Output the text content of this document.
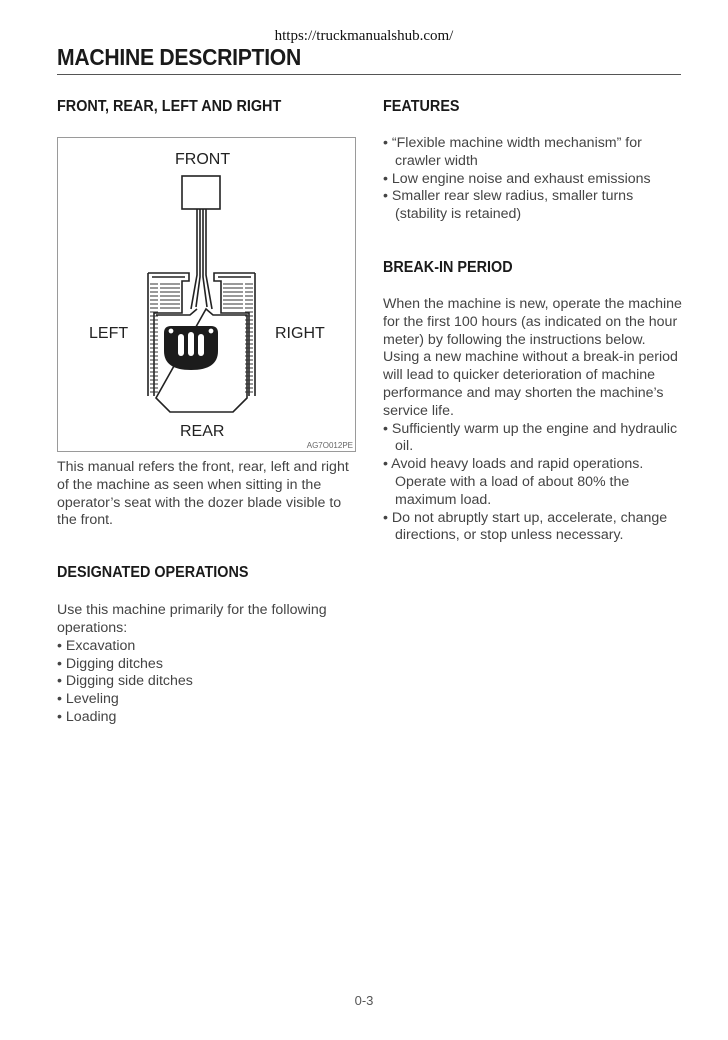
https://truckmanualshub.com/
MACHINE DESCRIPTION
FRONT, REAR, LEFT AND RIGHT
FRONT
LEFT	RIGHT
REAR
AG7O012PE

This manual refers the front, rear, left and right of the machine as seen when sitting in the operator’s seat with the dozer blade visible to the front.

DESIGNATED OPERATIONS

Use this machine primarily for the following operations:

• Excavation
• Digging ditches
• Digging side ditches
• Leveling
• Loading
FEATURES
• “Flexible machine width mechanism” for crawler width
• Low engine noise and exhaust emissions
• Smaller rear slew radius, smaller turns (stability is retained)
BREAK-IN PERIOD

When the machine is new, operate the machine for the first 100 hours (as indicated on the hour meter) by following the instructions below.

Using a new machine without a break-in period will lead to quicker deterioration of machine performance and may shorten the machine’s service life.

• Sufficiently warm up the engine and hydraulic oil.
• Avoid heavy loads and rapid operations. Operate with a load of about 80% the maximum load.
• Do not abruptly start up, accelerate, change directions, or stop unless necessary.
0-3
